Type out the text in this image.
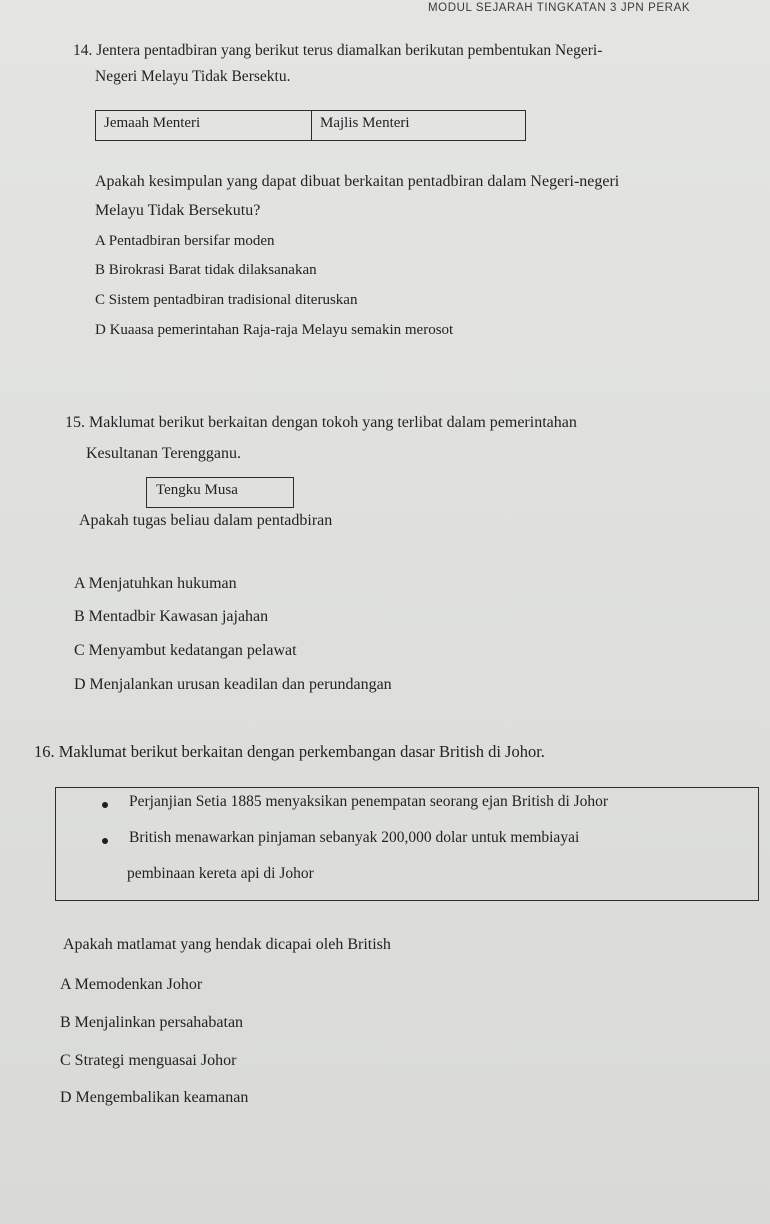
MODUL SEJARAH TINGKATAN 3 JPN PERAK
14. Jentera pentadbiran yang berikut terus diamalkan berikutan pembentukan Negeri-
Negeri Melayu Tidak Bersektu.
Jemaah Menteri	Majlis Menteri
Apakah kesimpulan yang dapat dibuat berkaitan pentadbiran dalam Negeri-negeri
Melayu Tidak Bersekutu?
A Pentadbiran bersifar moden
B Birokrasi Barat tidak dilaksanakan
C Sistem pentadbiran tradisional diteruskan
D Kuaasa pemerintahan Raja-raja Melayu semakin merosot
15. Maklumat berikut berkaitan dengan tokoh yang terlibat dalam pemerintahan
Kesultanan Terengganu.
Tengku Musa
Apakah tugas beliau dalam pentadbiran
A Menjatuhkan hukuman
B Mentadbir Kawasan jajahan
C Menyambut kedatangan pelawat
D Menjalankan urusan keadilan dan perundangan
16. Maklumat berikut berkaitan dengan perkembangan dasar British di Johor.
Perjanjian Setia 1885 menyaksikan penempatan seorang ejan British di Johor
British menawarkan pinjaman sebanyak 200,000 dolar untuk membiayai
pembinaan kereta api di Johor
Apakah matlamat yang hendak dicapai oleh British
A Memodenkan Johor
B Menjalinkan persahabatan
C Strategi menguasai Johor
D Mengembalikan keamanan
